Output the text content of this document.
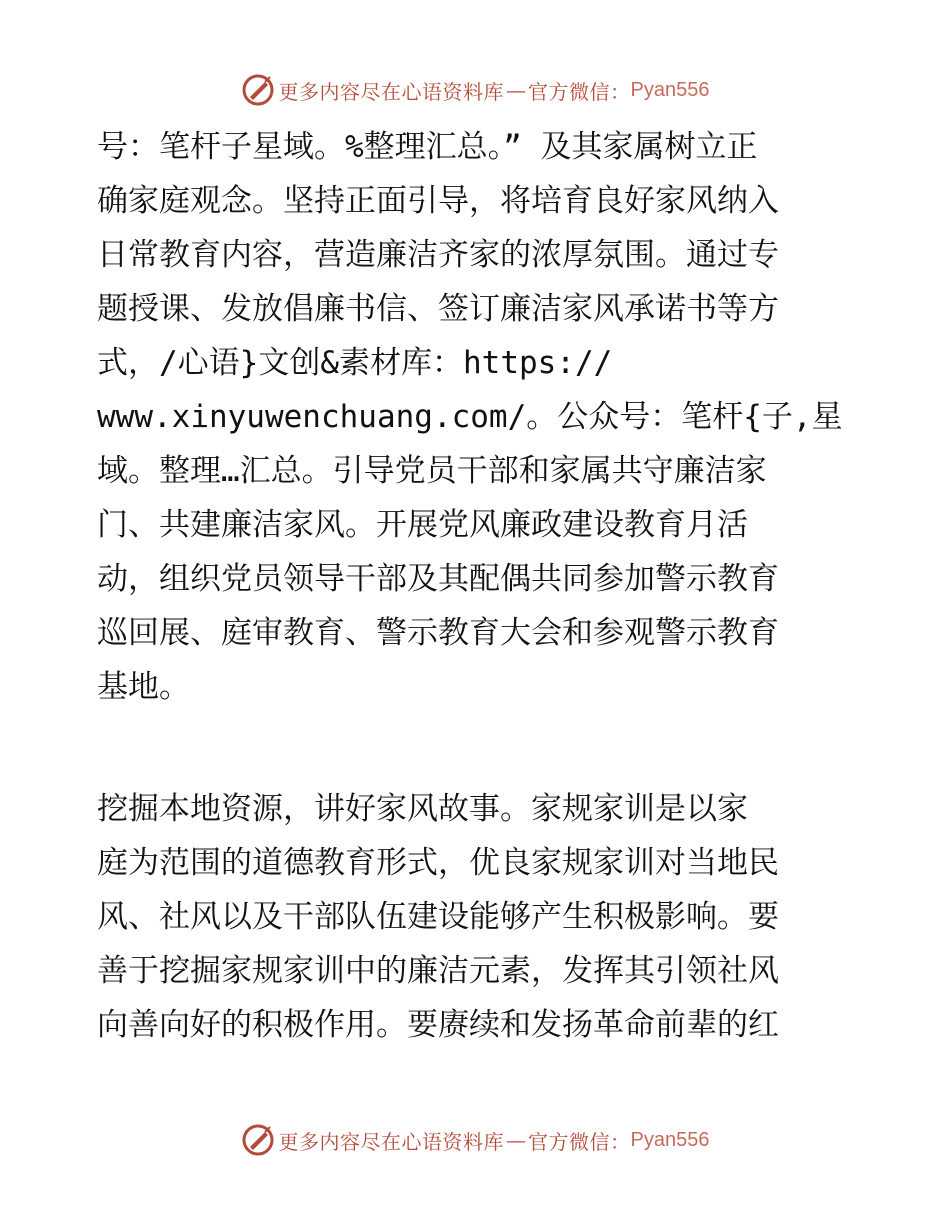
更多内容尽在心语资料库 — 官方微信： Pyan556
号：笔杆子星域。%整理汇总。” 及其家属树立正
确家庭观念。坚持正面引导，将培育良好家风纳入
日常教育内容，营造廉洁齐家的浓厚氛围。通过专
题授课、发放倡廉书信、签订廉洁家风承诺书等方
式，/心语}文创&素材库：https://
www.xinyuwenchuang.com/。公众号：笔杆{子,星
域。整理…汇总。引导党员干部和家属共守廉洁家
门、共建廉洁家风。开展党风廉政建设教育月活
动，组织党员领导干部及其配偶共同参加警示教育
巡回展、庭审教育、警示教育大会和参观警示教育
基地。
挖掘本地资源，讲好家风故事。家规家训是以家
庭为范围的道德教育形式，优良家规家训对当地民
风、社风以及干部队伍建设能够产生积极影响。要
善于挖掘家规家训中的廉洁元素，发挥其引领社风
向善向好的积极作用。要赓续和发扬革命前辈的红
更多内容尽在心语资料库 — 官方微信： Pyan556
